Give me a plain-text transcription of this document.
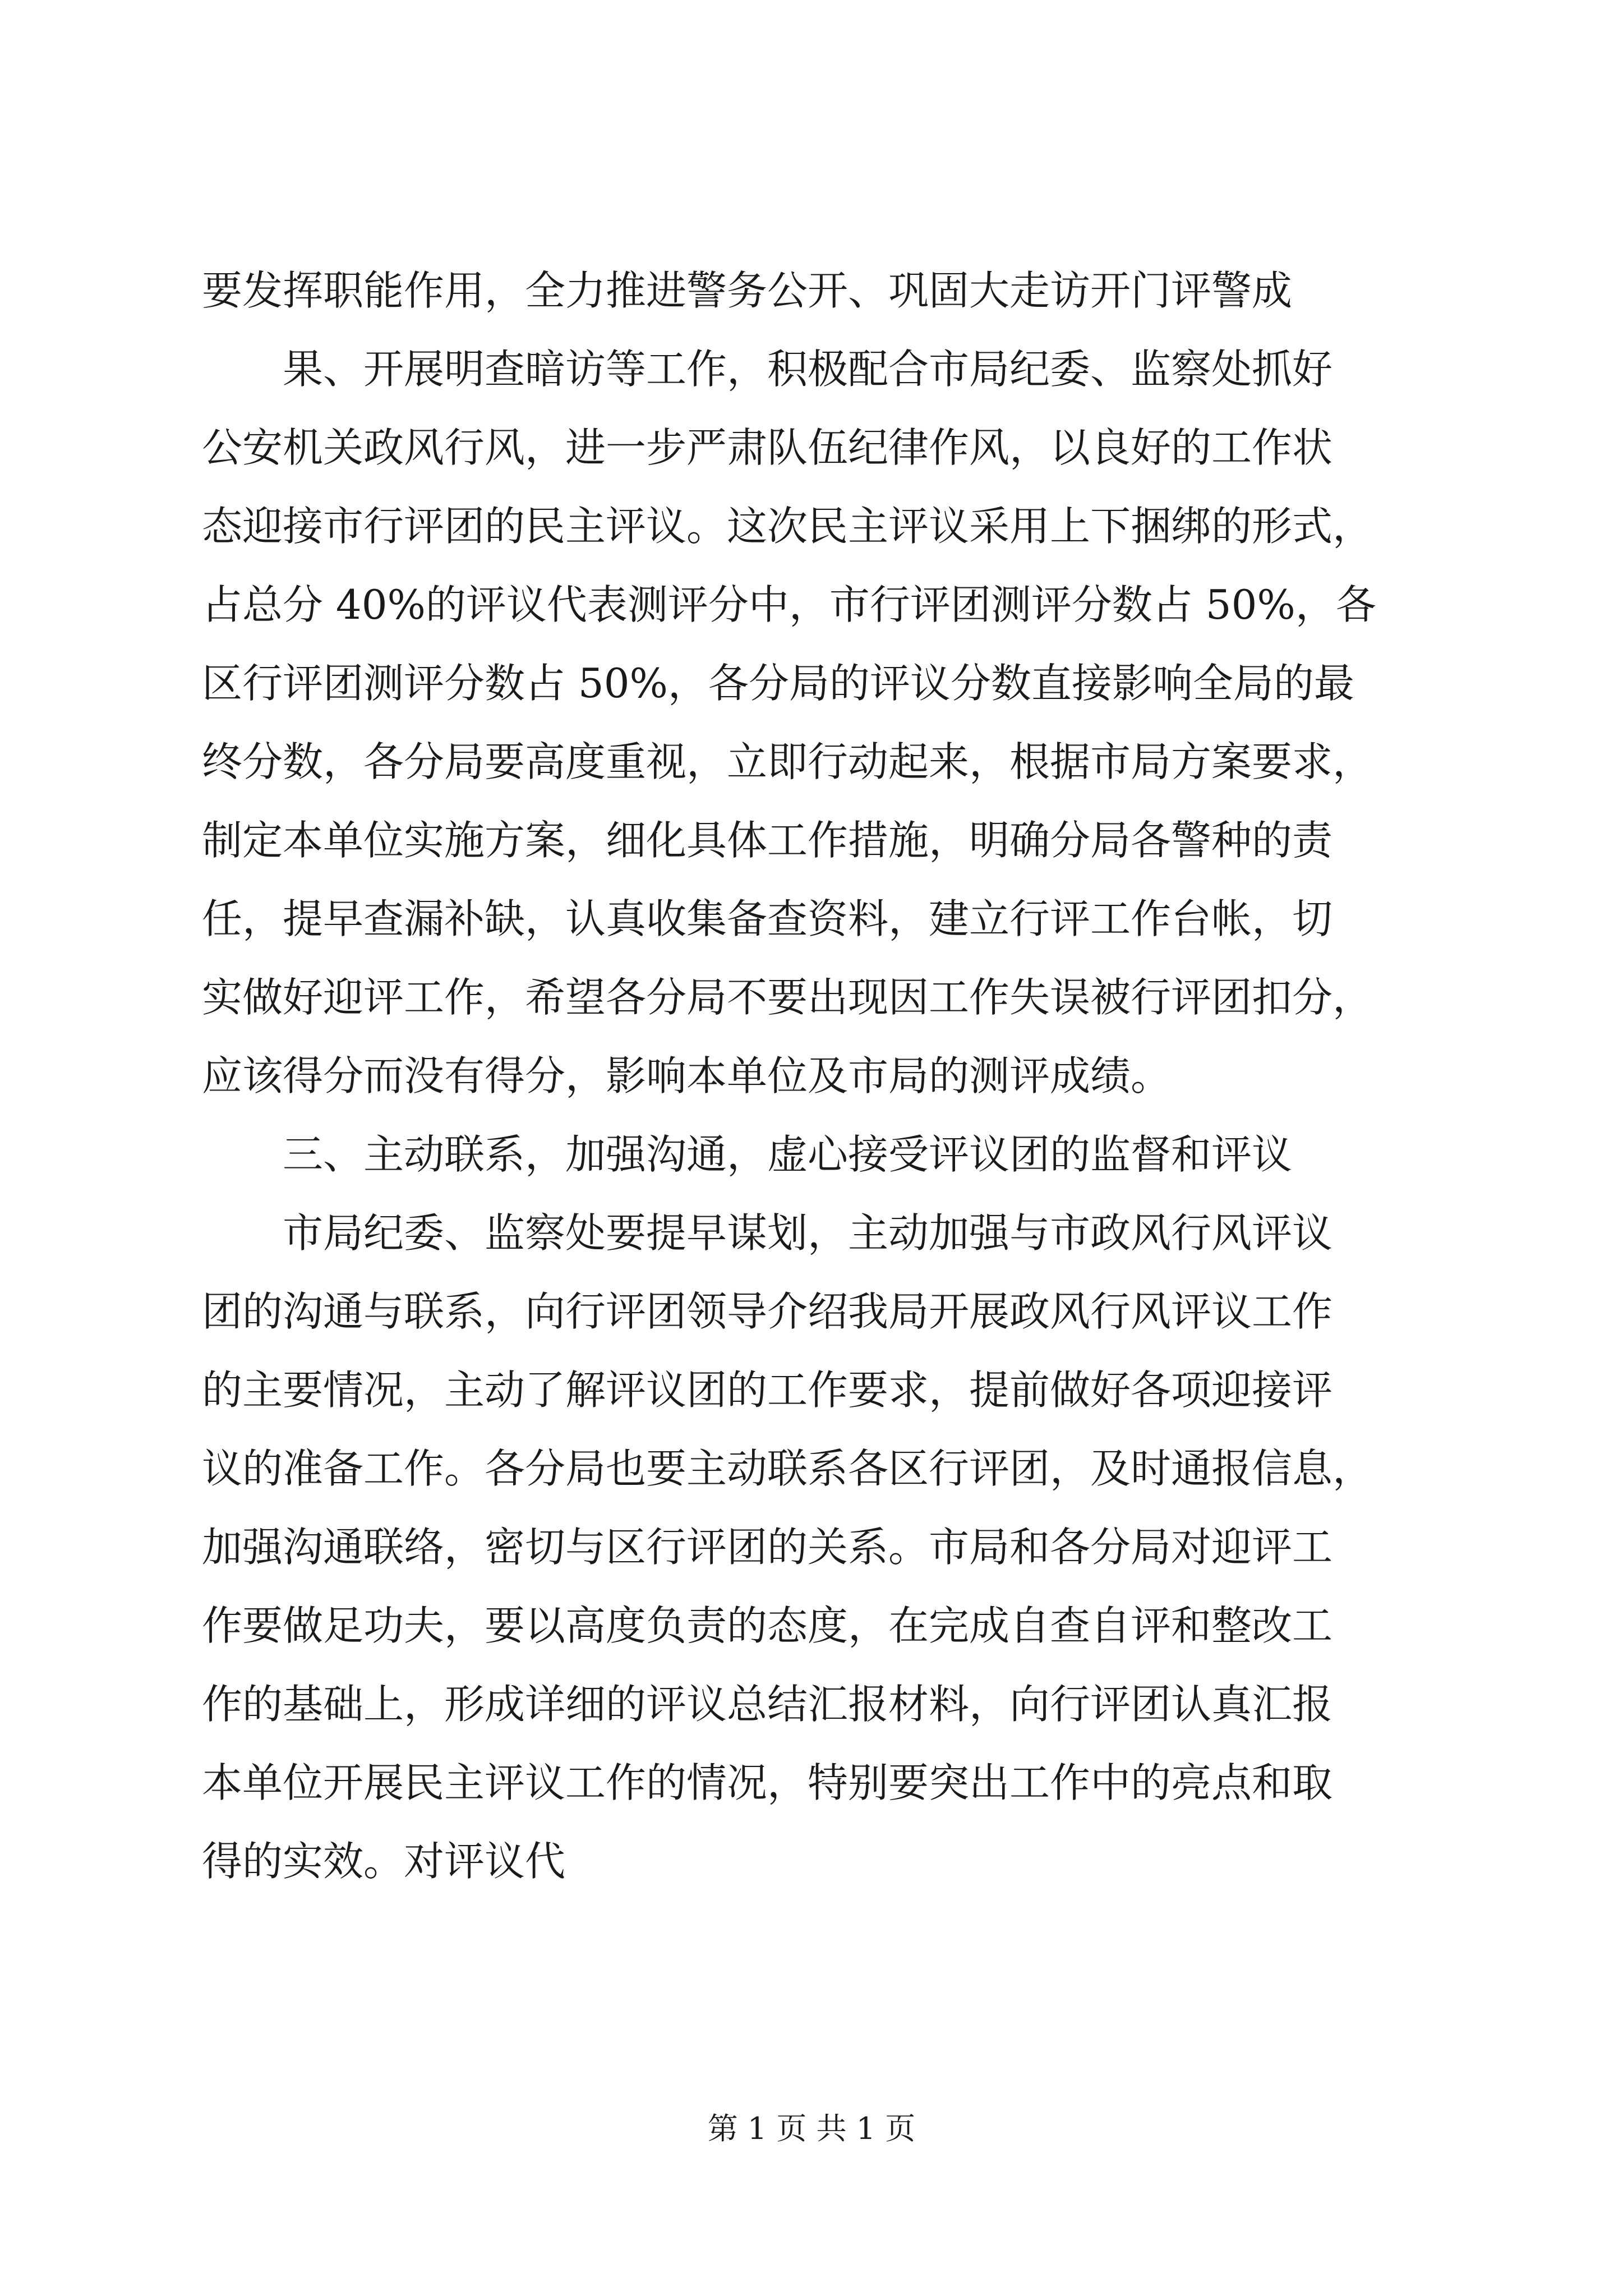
要发挥职能作用，全力推进警务公开、巩固大走访开门评警成
果、开展明查暗访等工作，积极配合市局纪委、监察处抓好
公安机关政风行风，进一步严肃队伍纪律作风，以良好的工作状
态迎接市行评团的民主评议。这次民主评议采用上下捆绑的形式，
占总分 40%的评议代表测评分中，市行评团测评分数占 50%，各
区行评团测评分数占 50%，各分局的评议分数直接影响全局的最
终分数，各分局要高度重视，立即行动起来，根据市局方案要求，
制定本单位实施方案，细化具体工作措施，明确分局各警种的责
任，提早查漏补缺，认真收集备查资料，建立行评工作台帐，切
实做好迎评工作，希望各分局不要出现因工作失误被行评团扣分，
应该得分而没有得分，影响本单位及市局的测评成绩。
三、主动联系，加强沟通，虚心接受评议团的监督和评议
市局纪委、监察处要提早谋划，主动加强与市政风行风评议
团的沟通与联系，向行评团领导介绍我局开展政风行风评议工作
的主要情况，主动了解评议团的工作要求，提前做好各项迎接评
议的准备工作。各分局也要主动联系各区行评团，及时通报信息，
加强沟通联络，密切与区行评团的关系。市局和各分局对迎评工
作要做足功夫，要以高度负责的态度，在完成自查自评和整改工
作的基础上，形成详细的评议总结汇报材料，向行评团认真汇报
本单位开展民主评议工作的情况，特别要突出工作中的亮点和取
得的实效。对评议代
第 1 页 共 1 页
